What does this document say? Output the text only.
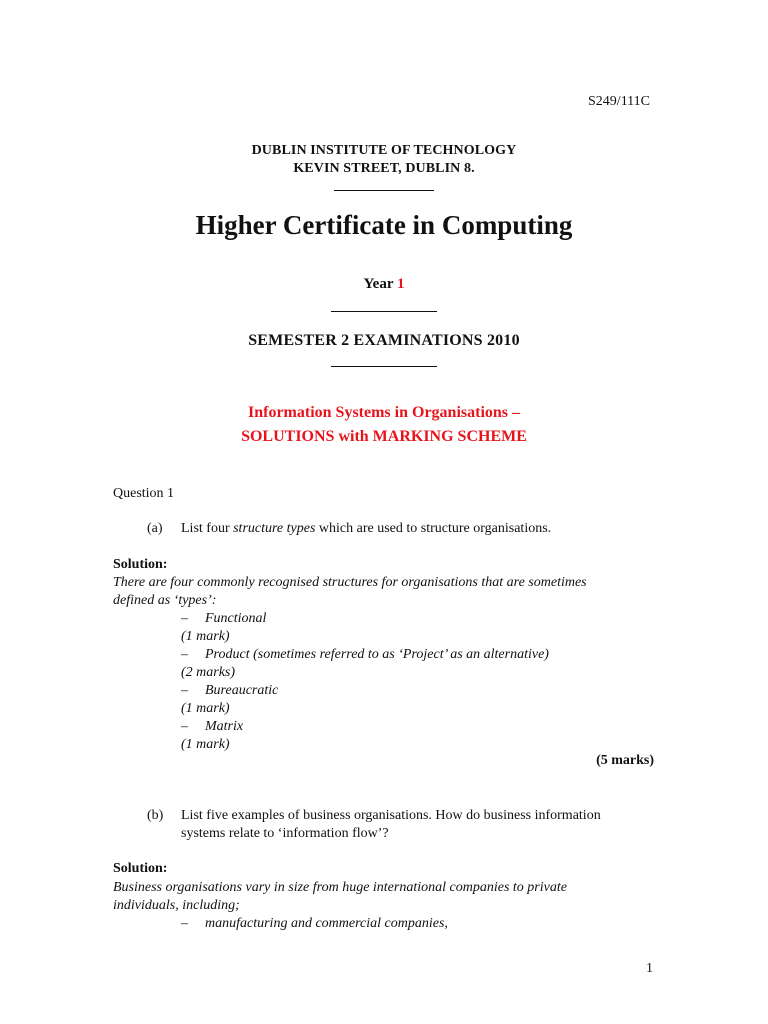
S249/111C
DUBLIN INSTITUTE OF TECHNOLOGY
KEVIN STREET, DUBLIN 8.
Higher Certificate in Computing
Year 1
SEMESTER 2 EXAMINATIONS 2010
Information Systems in Organisations –
SOLUTIONS with MARKING SCHEME
Question 1
(a) List four structure types which are used to structure organisations.
Solution:
There are four commonly recognised structures for organisations that are sometimes
defined as ‘types’:
– Functional
(1 mark)
– Product (sometimes referred to as ‘Project’ as an alternative)
(2 marks)
– Bureaucratic
(1 mark)
– Matrix
(1 mark)
(5 marks)
(b) List five examples of business organisations. How do business information
systems relate to ‘information flow’?
Solution:
Business organisations vary in size from huge international companies to private
individuals, including;
– manufacturing and commercial companies,
1
